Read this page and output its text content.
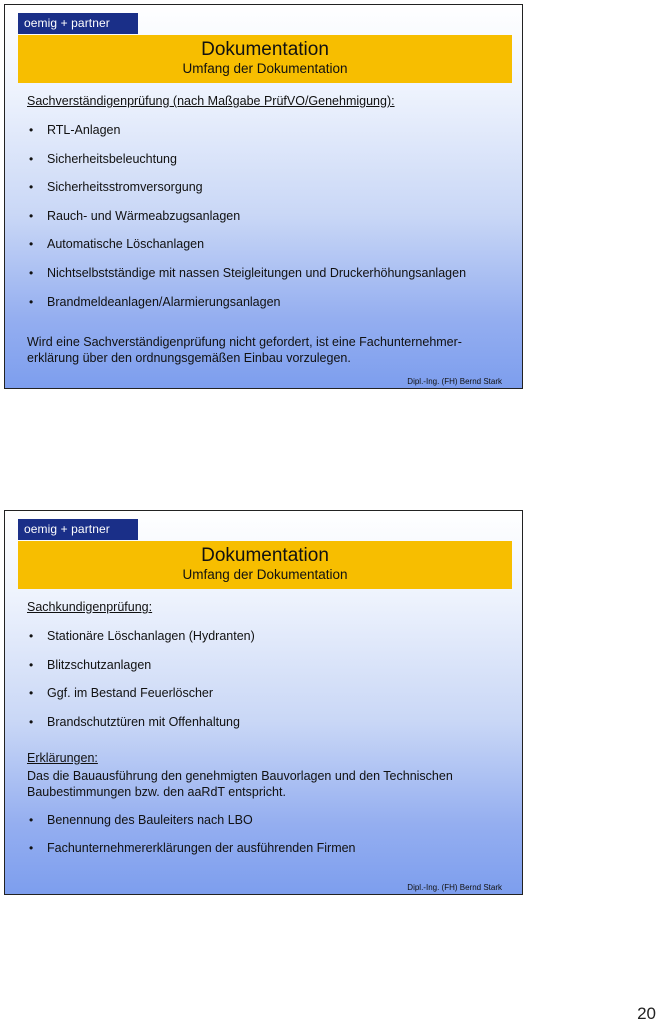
oemig + partner
Dokumentation
Umfang der Dokumentation
Sachverständigenprüfung (nach Maßgabe PrüfVO/Genehmigung):
• RTL-Anlagen
• Sicherheitsbeleuchtung
• Sicherheitsstromversorgung
• Rauch- und Wärmeabzugsanlagen
• Automatische Löschanlagen
• Nichtselbstständige mit nassen Steigleitungen und Druckerhöhungsanlagen
• Brandmeldeanlagen/Alarmierungsanlagen
Wird eine Sachverständigenprüfung nicht gefordert, ist eine Fachunternehmer-erklärung über den ordnungsgemäßen Einbau vorzulegen.
Dipl.-Ing. (FH) Bernd Stark
oemig + partner
Dokumentation
Umfang der Dokumentation
Sachkundigenprüfung:
• Stationäre Löschanlagen (Hydranten)
• Blitzschutzanlagen
• Ggf. im Bestand Feuerlöscher
• Brandschutztüren mit Offenhaltung
Erklärungen:
Das die Bauausführung den genehmigten Bauvorlagen und den Technischen Baubestimmungen bzw. den aaRdT entspricht.
• Benennung des Bauleiters nach LBO
• Fachunternehmererklärungen der ausführenden Firmen
Dipl.-Ing. (FH) Bernd Stark
20
